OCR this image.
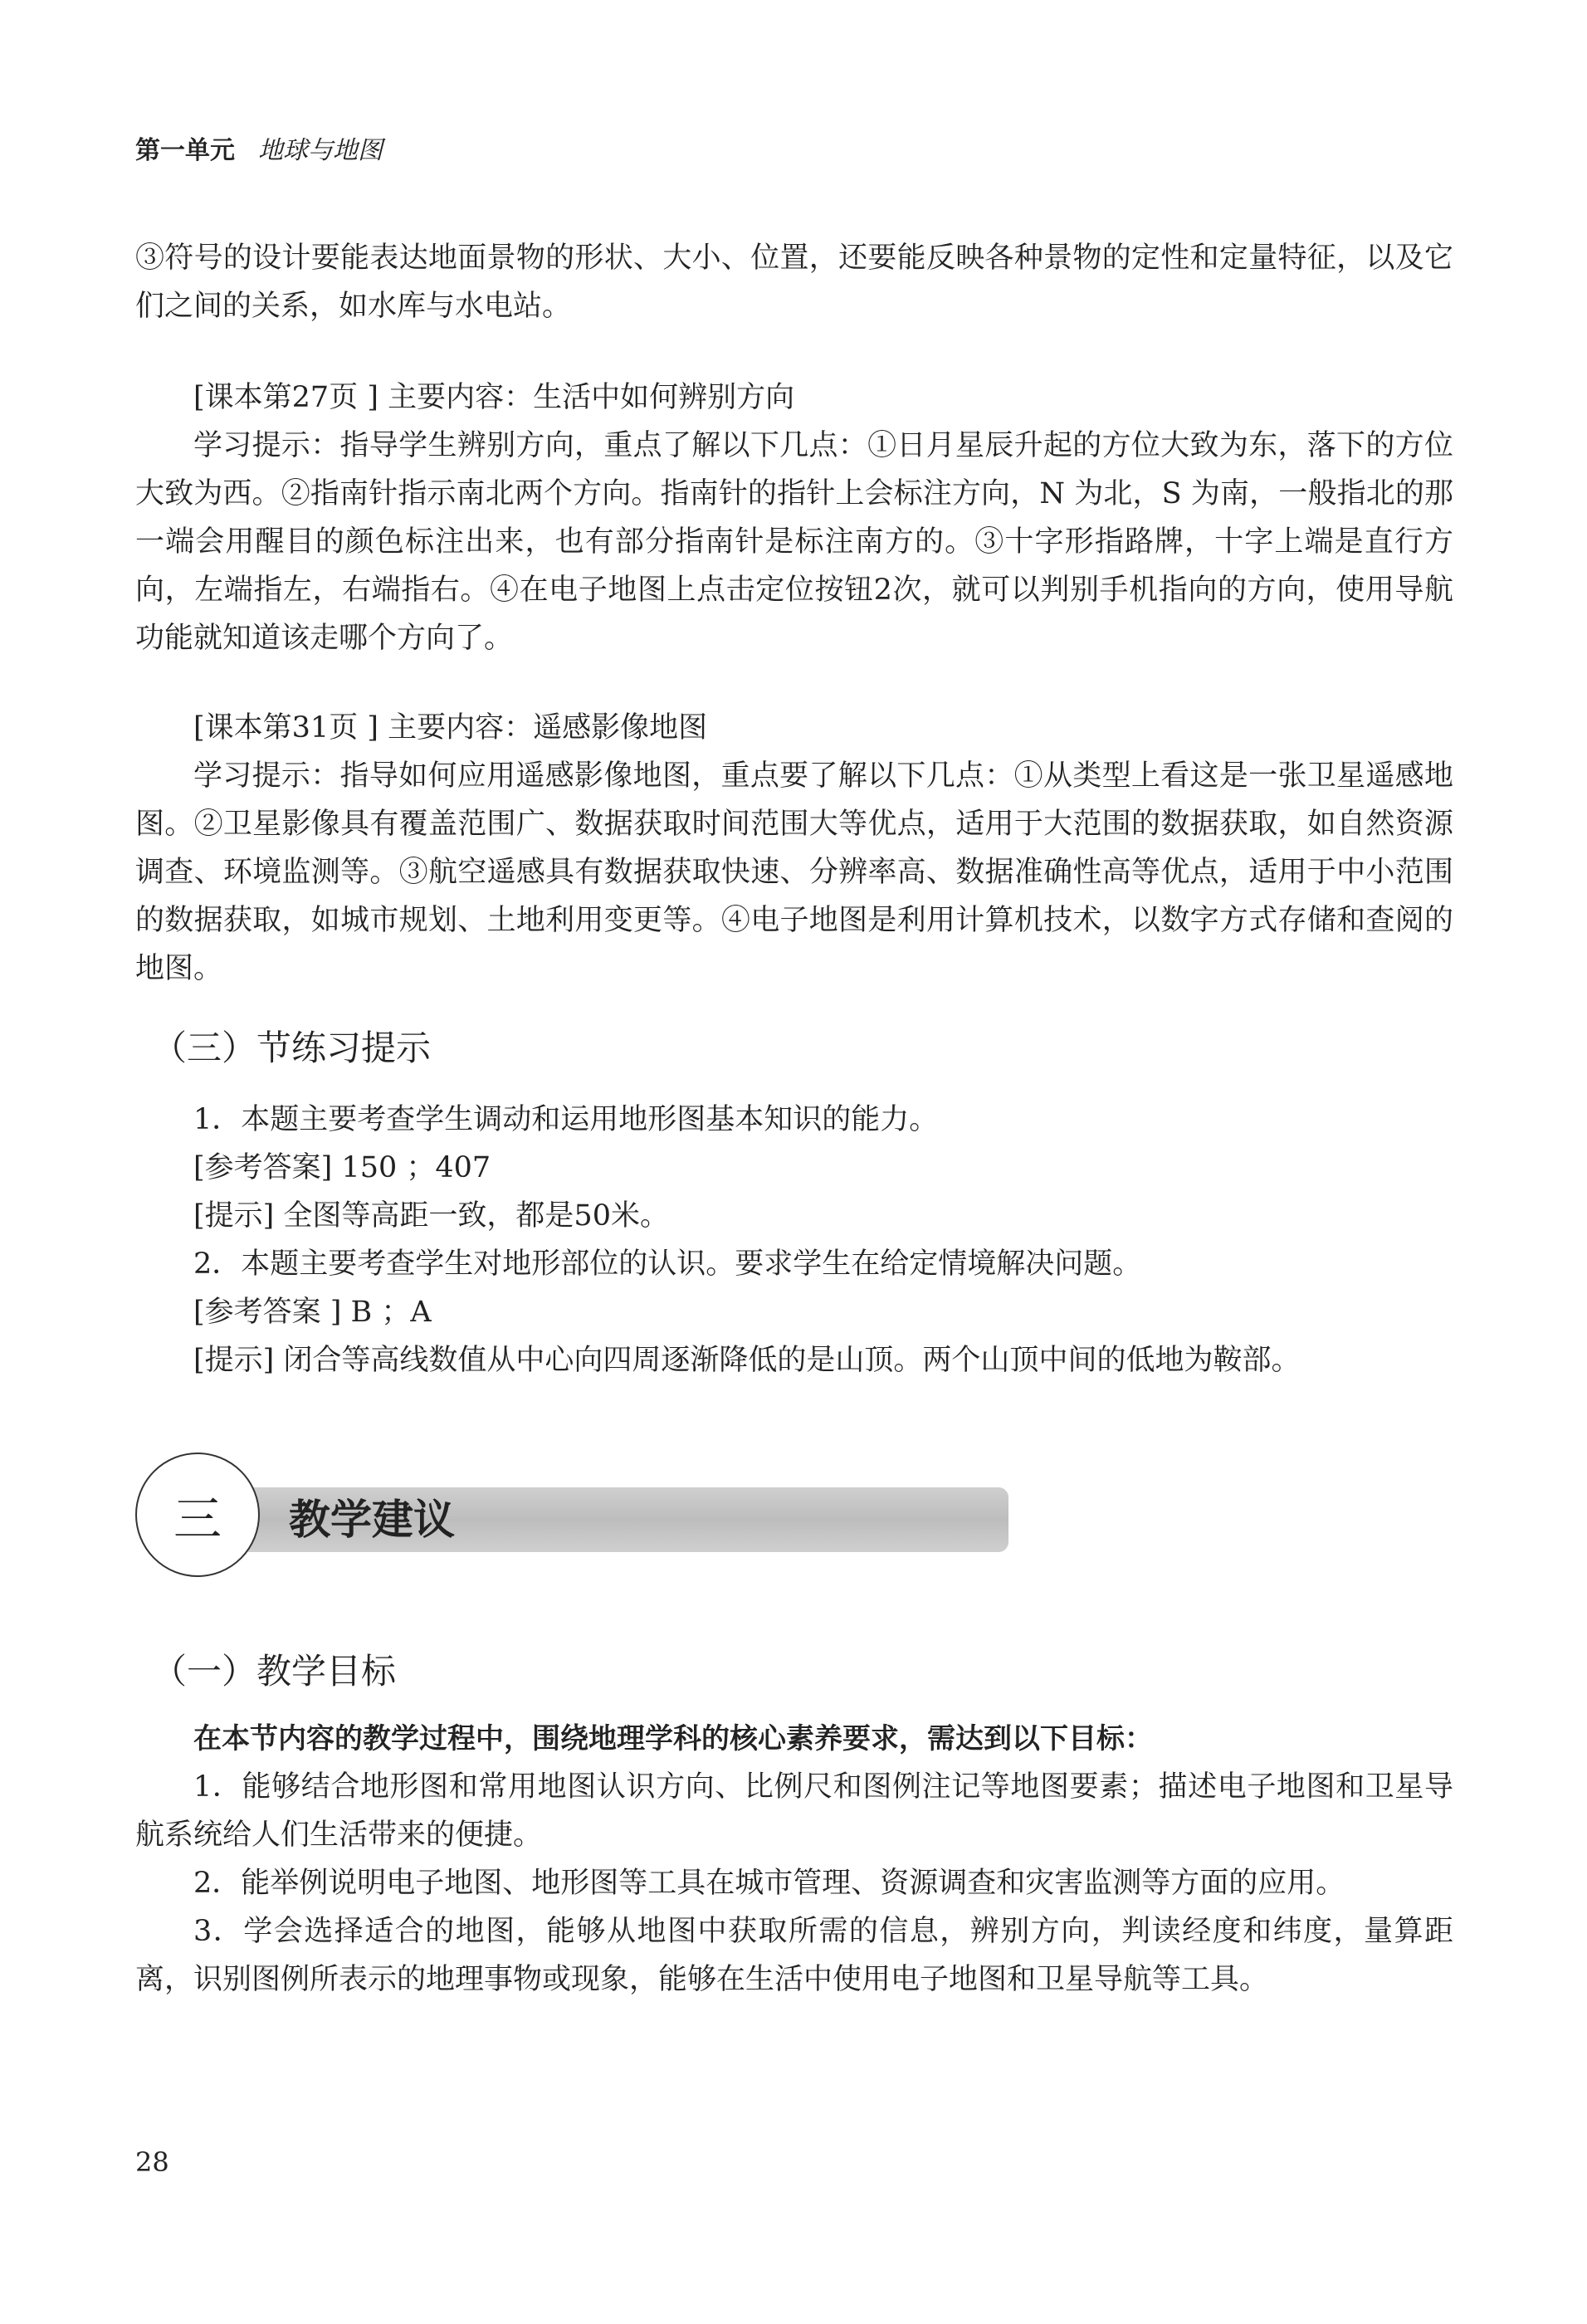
第一单元 地球与地图

③符号的设计要能表达地面景物的形状、大小、位置，还要能反映各种景物的定性和定量特征，以及它们之间的关系，如水库与水电站。

[课本第27页 ] 主要内容：生活中如何辨别方向

学习提示：指导学生辨别方向，重点了解以下几点：①日月星辰升起的方位大致为东，落下的方位大致为西。②指南针指示南北两个方向。指南针的指针上会标注方向，N 为北，S 为南，一般指北的那一端会用醒目的颜色标注出来，也有部分指南针是标注南方的。③十字形指路牌，十字上端是直行方向，左端指左，右端指右。④在电子地图上点击定位按钮2次，就可以判别手机指向的方向，使用导航功能就知道该走哪个方向了。

[课本第31页 ] 主要内容：遥感影像地图

学习提示：指导如何应用遥感影像地图，重点要了解以下几点：①从类型上看这是一张卫星遥感地图。②卫星影像具有覆盖范围广、数据获取时间范围大等优点，适用于大范围的数据获取，如自然资源调查、环境监测等。③航空遥感具有数据获取快速、分辨率高、数据准确性高等优点，适用于中小范围的数据获取，如城市规划、土地利用变更等。④电子地图是利用计算机技术，以数字方式存储和查阅的地图。

（三）节练习提示

1．本题主要考查学生调动和运用地形图基本知识的能力。

[参考答案] 150 ；407

[提示] 全图等高距一致，都是50米。

2．本题主要考查学生对地形部位的认识。要求学生在给定情境解决问题。

[参考答案 ] B ；A

[提示] 闭合等高线数值从中心向四周逐渐降低的是山顶。两个山顶中间的低地为鞍部。

三 教学建议
（一）教学目标

在本节内容的教学过程中，围绕地理学科的核心素养要求，需达到以下目标：

1．能够结合地形图和常用地图认识方向、比例尺和图例注记等地图要素；描述电子地图和卫星导航系统给人们生活带来的便捷。

2．能举例说明电子地图、地形图等工具在城市管理、资源调查和灾害监测等方面的应用。

3．学会选择适合的地图，能够从地图中获取所需的信息，辨别方向，判读经度和纬度，量算距离，识别图例所表示的地理事物或现象，能够在生活中使用电子地图和卫星导航等工具。

28
